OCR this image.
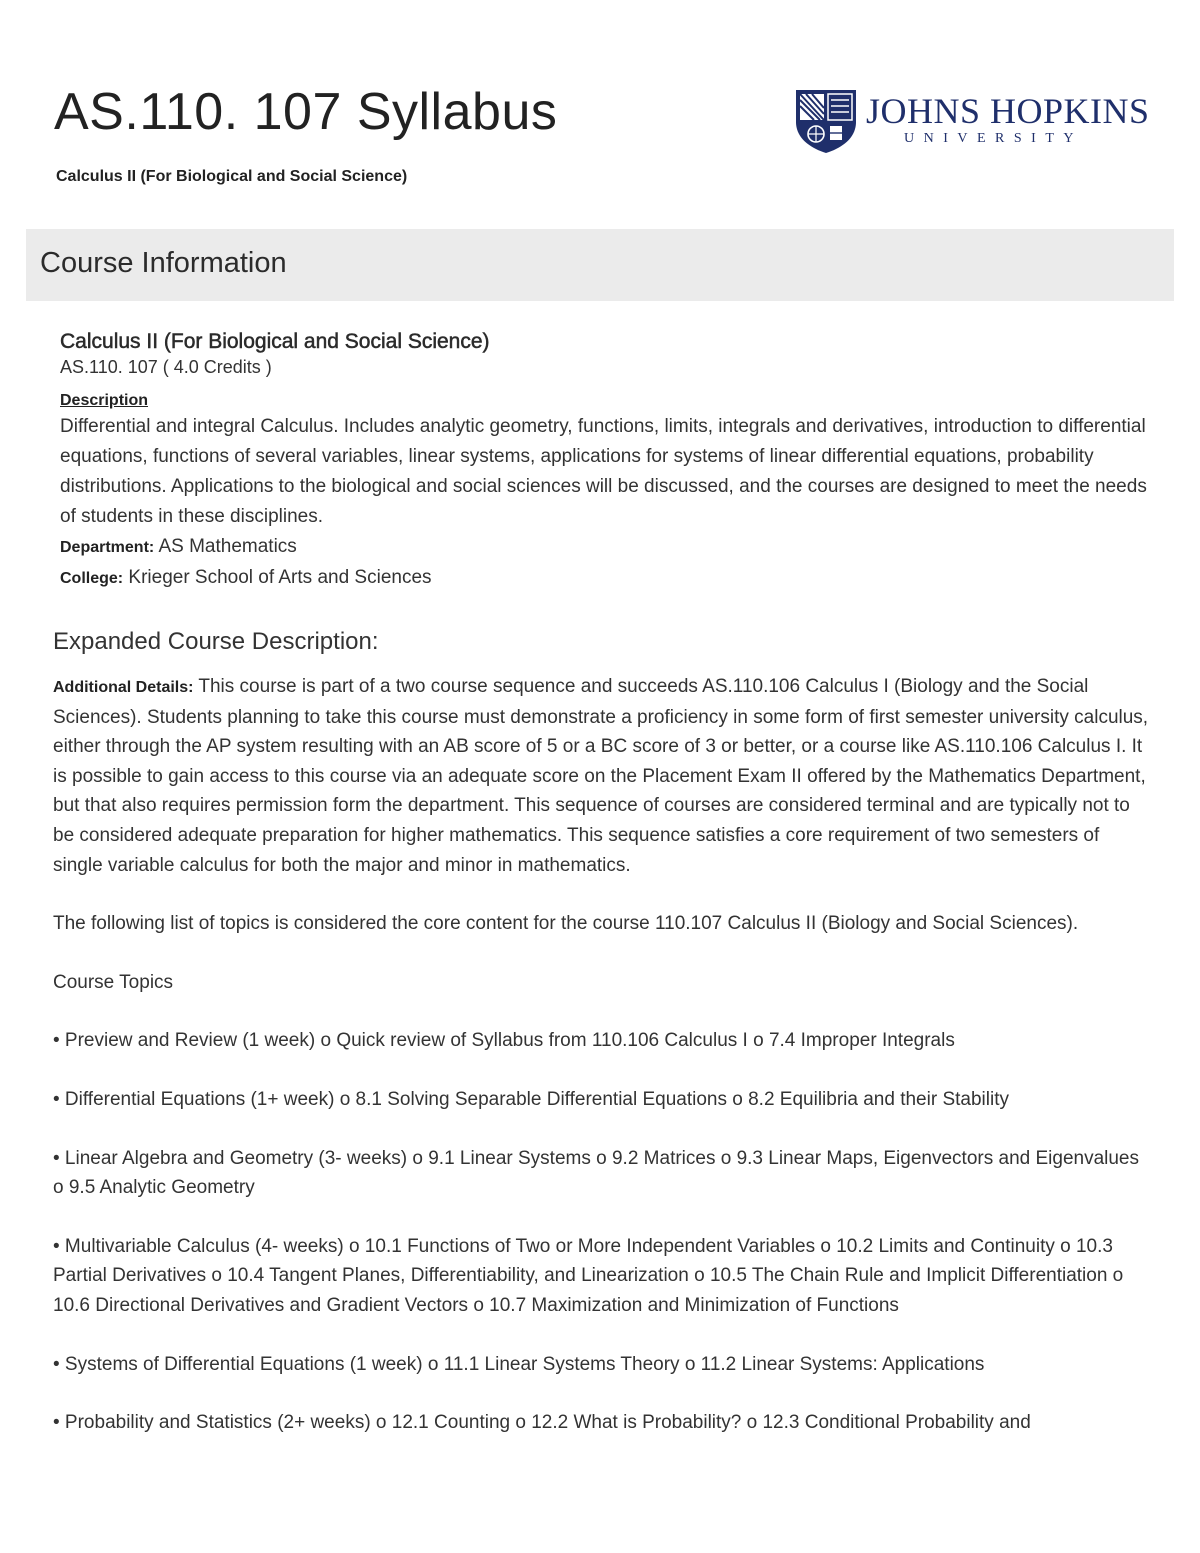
AS.110. 107 Syllabus
Calculus II (For Biological and Social Science)
JOHNS HOPKINS
UNIVERSITY
Course Information
Calculus II (For Biological and Social Science)
AS.110. 107 ( 4.0 Credits )
Description

Differential and integral Calculus. Includes analytic geometry, functions, limits, integrals and derivatives, introduction to differential equations, functions of several variables, linear systems, applications for systems of linear differential equations, probability distributions. Applications to the biological and social sciences will be discussed, and the courses are designed to meet the needs of students in these disciplines.

Department: AS Mathematics
College: Krieger School of Arts and Sciences
Expanded Course Description:

Additional Details: This course is part of a two course sequence and succeeds AS.110.106 Calculus I (Biology and the Social Sciences). Students planning to take this course must demonstrate a proficiency in some form of first semester university calculus, either through the AP system resulting with an AB score of 5 or a BC score of 3 or better, or a course like AS.110.106 Calculus I. It is possible to gain access to this course via an adequate score on the Placement Exam II offered by the Mathematics Department, but that also requires permission form the department. This sequence of courses are considered terminal and are typically not to be considered adequate preparation for higher mathematics. This sequence satisfies a core requirement of two semesters of single variable calculus for both the major and minor in mathematics.

The following list of topics is considered the core content for the course 110.107 Calculus II (Biology and Social Sciences).

Course Topics

• Preview and Review (1 week) o Quick review of Syllabus from 110.106 Calculus I o 7.4 Improper Integrals

• Differential Equations (1+ week) o 8.1 Solving Separable Differential Equations o 8.2 Equilibria and their Stability

• Linear Algebra and Geometry (3- weeks) o 9.1 Linear Systems o 9.2 Matrices o 9.3 Linear Maps, Eigenvectors and Eigenvalues o 9.5 Analytic Geometry

• Multivariable Calculus (4- weeks) o 10.1 Functions of Two or More Independent Variables o 10.2 Limits and Continuity o 10.3 Partial Derivatives o 10.4 Tangent Planes, Differentiability, and Linearization o 10.5 The Chain Rule and Implicit Differentiation o 10.6 Directional Derivatives and Gradient Vectors o 10.7 Maximization and Minimization of Functions

• Systems of Differential Equations (1 week) o 11.1 Linear Systems Theory o 11.2 Linear Systems: Applications

• Probability and Statistics (2+ weeks) o 12.1 Counting o 12.2 What is Probability? o 12.3 Conditional Probability and
